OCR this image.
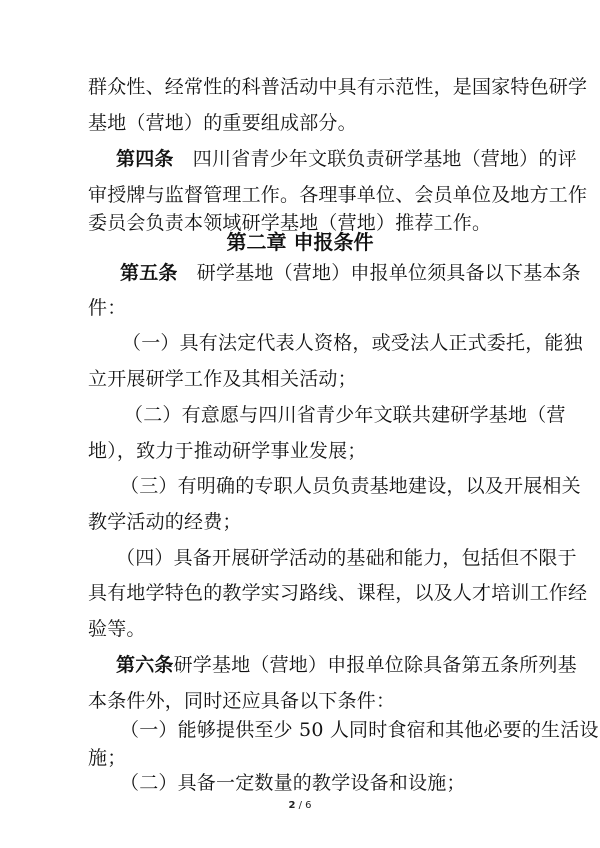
群众性、经常性的科普活动中具有示范性，是国家特色研学
基地（营地）的重要组成部分。
第四条　四川省青少年文联负责研学基地（营地）的评
审授牌与监督管理工作。各理事单位、会员单位及地方工作
委员会负责本领域研学基地（营地）推荐工作。
第二章 申报条件
第五条　研学基地（营地）申报单位须具备以下基本条
件：
（一）具有法定代表人资格，或受法人正式委托，能独
立开展研学工作及其相关活动；
（二）有意愿与四川省青少年文联共建研学基地（营
地），致力于推动研学事业发展；
（三）有明确的专职人员负责基地建设，以及开展相关
教学活动的经费；
（四）具备开展研学活动的基础和能力，包括但不限于
具有地学特色的教学实习路线、课程，以及人才培训工作经
验等。
第六条研学基地（营地）申报单位除具备第五条所列基
本条件外，同时还应具备以下条件：
2 / 6
（一）能够提供至少 50 人同时食宿和其他必要的生活设
施；
（二）具备一定数量的教学设备和设施；
